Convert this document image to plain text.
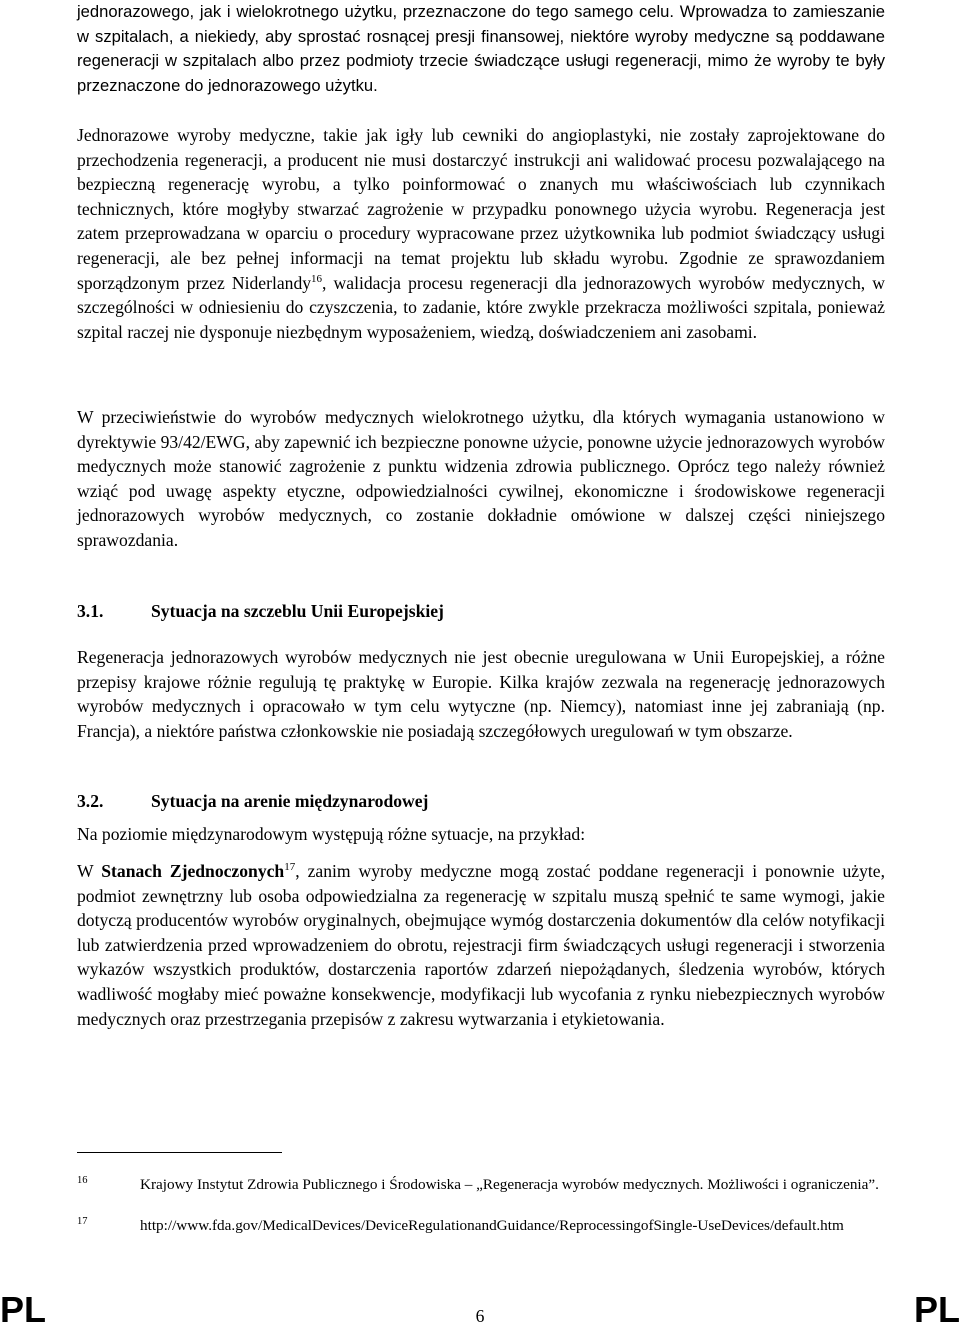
jednorazowego, jak i wielokrotnego użytku, przeznaczone do tego samego celu. Wprowadza to zamieszanie w szpitalach, a niekiedy, aby sprostać rosnącej presji finansowej, niektóre wyroby medyczne są poddawane regeneracji w szpitalach albo przez podmioty trzecie świadczące usługi regeneracji, mimo że wyroby te były przeznaczone do jednorazowego użytku.

Jednorazowe wyroby medyczne, takie jak igły lub cewniki do angioplastyki, nie zostały zaprojektowane do przechodzenia regeneracji, a producent nie musi dostarczyć instrukcji ani walidować procesu pozwalającego na bezpieczną regenerację wyrobu, a tylko poinformować o znanych mu właściwościach lub czynnikach technicznych, które mogłyby stwarzać zagrożenie w przypadku ponownego użycia wyrobu. Regeneracja jest zatem przeprowadzana w oparciu o procedury wypracowane przez użytkownika lub podmiot świadczący usługi regeneracji, ale bez pełnej informacji na temat projektu lub składu wyrobu. Zgodnie ze sprawozdaniem sporządzonym przez Niderlandy$^{16}$, walidacja procesu regeneracji dla jednorazowych wyrobów medycznych, w szczególności w odniesieniu do czyszczenia, to zadanie, które zwykle przekracza możliwości szpitala, ponieważ szpital raczej nie dysponuje niezbędnym wyposażeniem, wiedzą, doświadczeniem ani zasobami.

W przeciwieństwie do wyrobów medycznych wielokrotnego użytku, dla których wymagania ustanowiono w dyrektywie 93/42/EWG, aby zapewnić ich bezpieczne ponowne użycie, ponowne użycie jednorazowych wyrobów medycznych może stanowić zagrożenie z punktu widzenia zdrowia publicznego. Oprócz tego należy również wziąć pod uwagę aspekty etyczne, odpowiedzialności cywilnej, ekonomiczne i środowiskowe regeneracji jednorazowych wyrobów medycznych, co zostanie dokładnie omówione w dalszej części niniejszego sprawozdania.

3.1.	Sytuacja na szczeblu Unii Europejskiej

Regeneracja jednorazowych wyrobów medycznych nie jest obecnie uregulowana w Unii Europejskiej, a różne przepisy krajowe różnie regulują tę praktykę w Europie. Kilka krajów zezwala na regenerację jednorazowych wyrobów medycznych i opracowało w tym celu wytyczne (np. Niemcy), natomiast inne jej zabraniają (np. Francja), a niektóre państwa członkowskie nie posiadają szczegółowych uregulowań w tym obszarze.

3.2.	Sytuacja na arenie międzynarodowej

Na poziomie międzynarodowym występują różne sytuacje, na przykład:

W Stanach Zjednoczonych$^{17}$, zanim wyroby medyczne mogą zostać poddane regeneracji i ponownie użyte, podmiot zewnętrzny lub osoba odpowiedzialna za regenerację w szpitalu muszą spełnić te same wymogi, jakie dotyczą producentów wyrobów oryginalnych, obejmujące wymóg dostarczenia dokumentów dla celów notyfikacji lub zatwierdzenia przed wprowadzeniem do obrotu, rejestracji firm świadczących usługi regeneracji i stworzenia wykazów wszystkich produktów, dostarczenia raportów zdarzeń niepożądanych, śledzenia wyrobów, których wadliwość mogłaby mieć poważne konsekwencje, modyfikacji lub wycofania z rynku niebezpiecznych wyrobów medycznych oraz przestrzegania przepisów z zakresu wytwarzania i etykietowania.

16	Krajowy Instytut Zdrowia Publicznego i Środowiska – „Regeneracja wyrobów medycznych. Możliwości i ograniczenia”.
17	http://www.fda.gov/MedicalDevices/DeviceRegulationandGuidance/ReprocessingofSingle-UseDevices/default.htm
PL	6	PL
